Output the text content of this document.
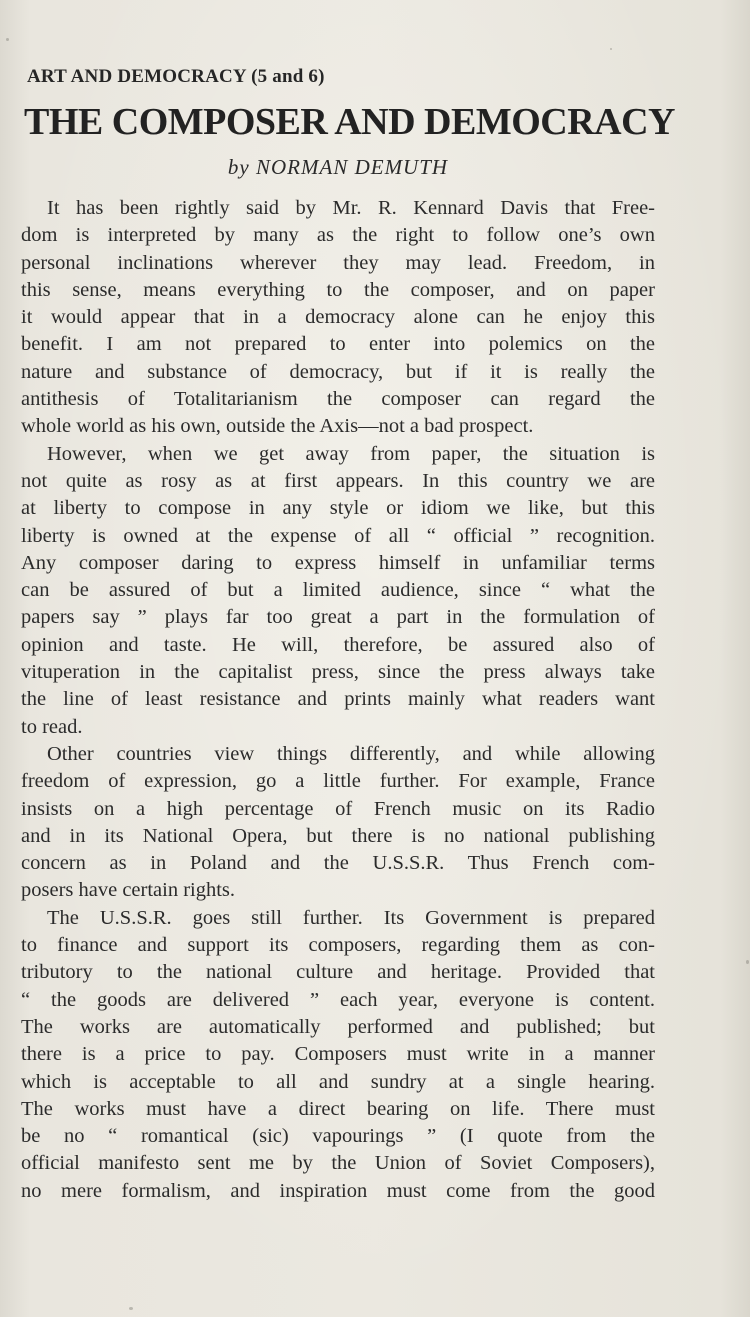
ART AND DEMOCRACY (5 and 6)
THE COMPOSER AND DEMOCRACY
by NORMAN DEMUTH
It has been rightly said by Mr. R. Kennard Davis that Free-
dom is interpreted by many as the right to follow one’s own
personal inclinations wherever they may lead. Freedom, in
this sense, means everything to the composer, and on paper
it would appear that in a democracy alone can he enjoy this
benefit. I am not prepared to enter into polemics on the
nature and substance of democracy, but if it is really the
antithesis of Totalitarianism the composer can regard the
whole world as his own, outside the Axis—not a bad prospect.
However, when we get away from paper, the situation is
not quite as rosy as at first appears. In this country we are
at liberty to compose in any style or idiom we like, but this
liberty is owned at the expense of all “ official ” recognition.
Any composer daring to express himself in unfamiliar terms
can be assured of but a limited audience, since “ what the
papers say ” plays far too great a part in the formulation of
opinion and taste. He will, therefore, be assured also of
vituperation in the capitalist press, since the press always take
the line of least resistance and prints mainly what readers want
to read.
Other countries view things differently, and while allowing
freedom of expression, go a little further. For example, France
insists on a high percentage of French music on its Radio
and in its National Opera, but there is no national publishing
concern as in Poland and the U.S.S.R. Thus French com-
posers have certain rights.
The U.S.S.R. goes still further. Its Government is prepared
to finance and support its composers, regarding them as con-
tributory to the national culture and heritage. Provided that
“ the goods are delivered ” each year, everyone is content.
The works are automatically performed and published; but
there is a price to pay. Composers must write in a manner
which is acceptable to all and sundry at a single hearing.
The works must have a direct bearing on life. There must
be no “ romantical (sic) vapourings ” (I quote from the
official manifesto sent me by the Union of Soviet Composers),
no mere formalism, and inspiration must come from the good
